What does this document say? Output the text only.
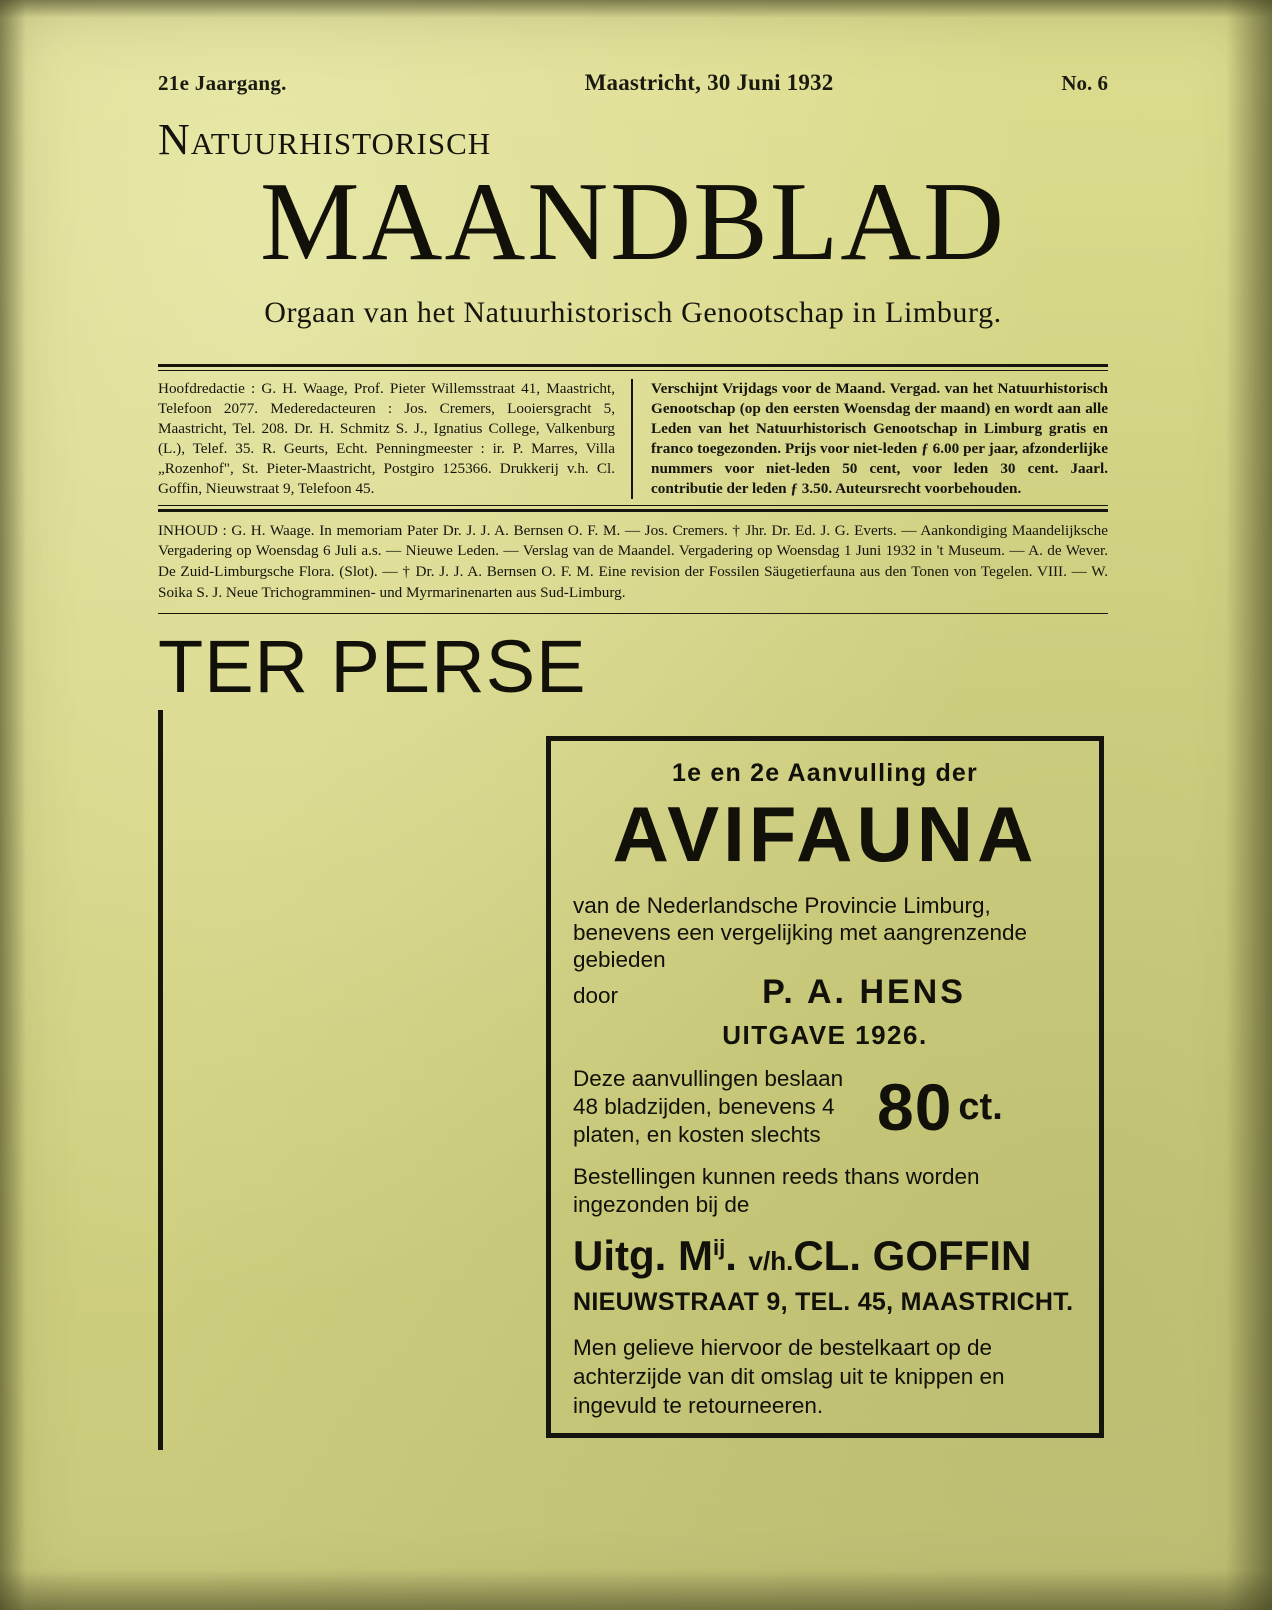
21e Jaargang.	Maastricht, 30 Juni 1932	No. 6
Natuurhistorisch
MAANDBLAD
Orgaan van het Natuurhistorisch Genootschap in Limburg.
Hoofdredactie : G. H. Waage, Prof. Pieter Willemsstraat 41, Maastricht, Telefoon 2077. Mederedacteuren : Jos. Cremers, Looiersgracht 5, Maastricht, Tel. 208. Dr. H. Schmitz S. J., Ignatius College, Valkenburg (L.), Telef. 35. R. Geurts, Echt. Penningmeester : ir. P. Marres, Villa „Rozenhof", St. Pieter-Maastricht, Postgiro 125366. Drukkerij v.h. Cl. Goffin, Nieuwstraat 9, Telefoon 45.
Verschijnt Vrijdags voor de Maand. Vergad. van het Natuurhistorisch Genootschap (op den eersten Woensdag der maand) en wordt aan alle Leden van het Natuurhistorisch Genootschap in Limburg gratis en franco toegezonden. Prijs voor niet-leden ƒ 6.00 per jaar, afzonderlijke nummers voor niet-leden 50 cent, voor leden 30 cent. Jaarl. contributie der leden ƒ 3.50. Auteursrecht voorbehouden.
INHOUD : G. H. Waage. In memoriam Pater Dr. J. J. A. Bernsen O. F. M. — Jos. Cremers. † Jhr. Dr. Ed. J. G. Everts. — Aankondiging Maandelijksche Vergadering op Woensdag 6 Juli a.s. — Nieuwe Leden. — Verslag van de Maandel. Vergadering op Woensdag 1 Juni 1932 in 't Museum. — A. de Wever. De Zuid-Limburgsche Flora. (Slot). — † Dr. J. J. A. Bernsen O. F. M. Eine revision der Fossilen Säugetierfauna aus den Tonen von Tegelen. VIII. — W. Soika S. J. Neue Trichogramminen- und Myrmarinenarten aus Sud-Limburg.
TER PERSE
1e en 2e Aanvulling der
AVIFAUNA
van de Nederlandsche Provincie Limburg, benevens een vergelijking met aangrenzende gebieden
door	P. A. HENS
UITGAVE 1926.
Deze aanvullingen beslaan 48 bladzijden, benevens 4 platen, en kosten slechts 80 ct.
Bestellingen kunnen reeds thans worden ingezonden bij de
Uitg. $M^{ij}$. v/h.CL. GOFFIN
NIEUWSTRAAT 9, TEL. 45, MAASTRICHT.
Men gelieve hiervoor de bestelkaart op de achterzijde van dit omslag uit te knippen en ingevuld te retourneeren.
